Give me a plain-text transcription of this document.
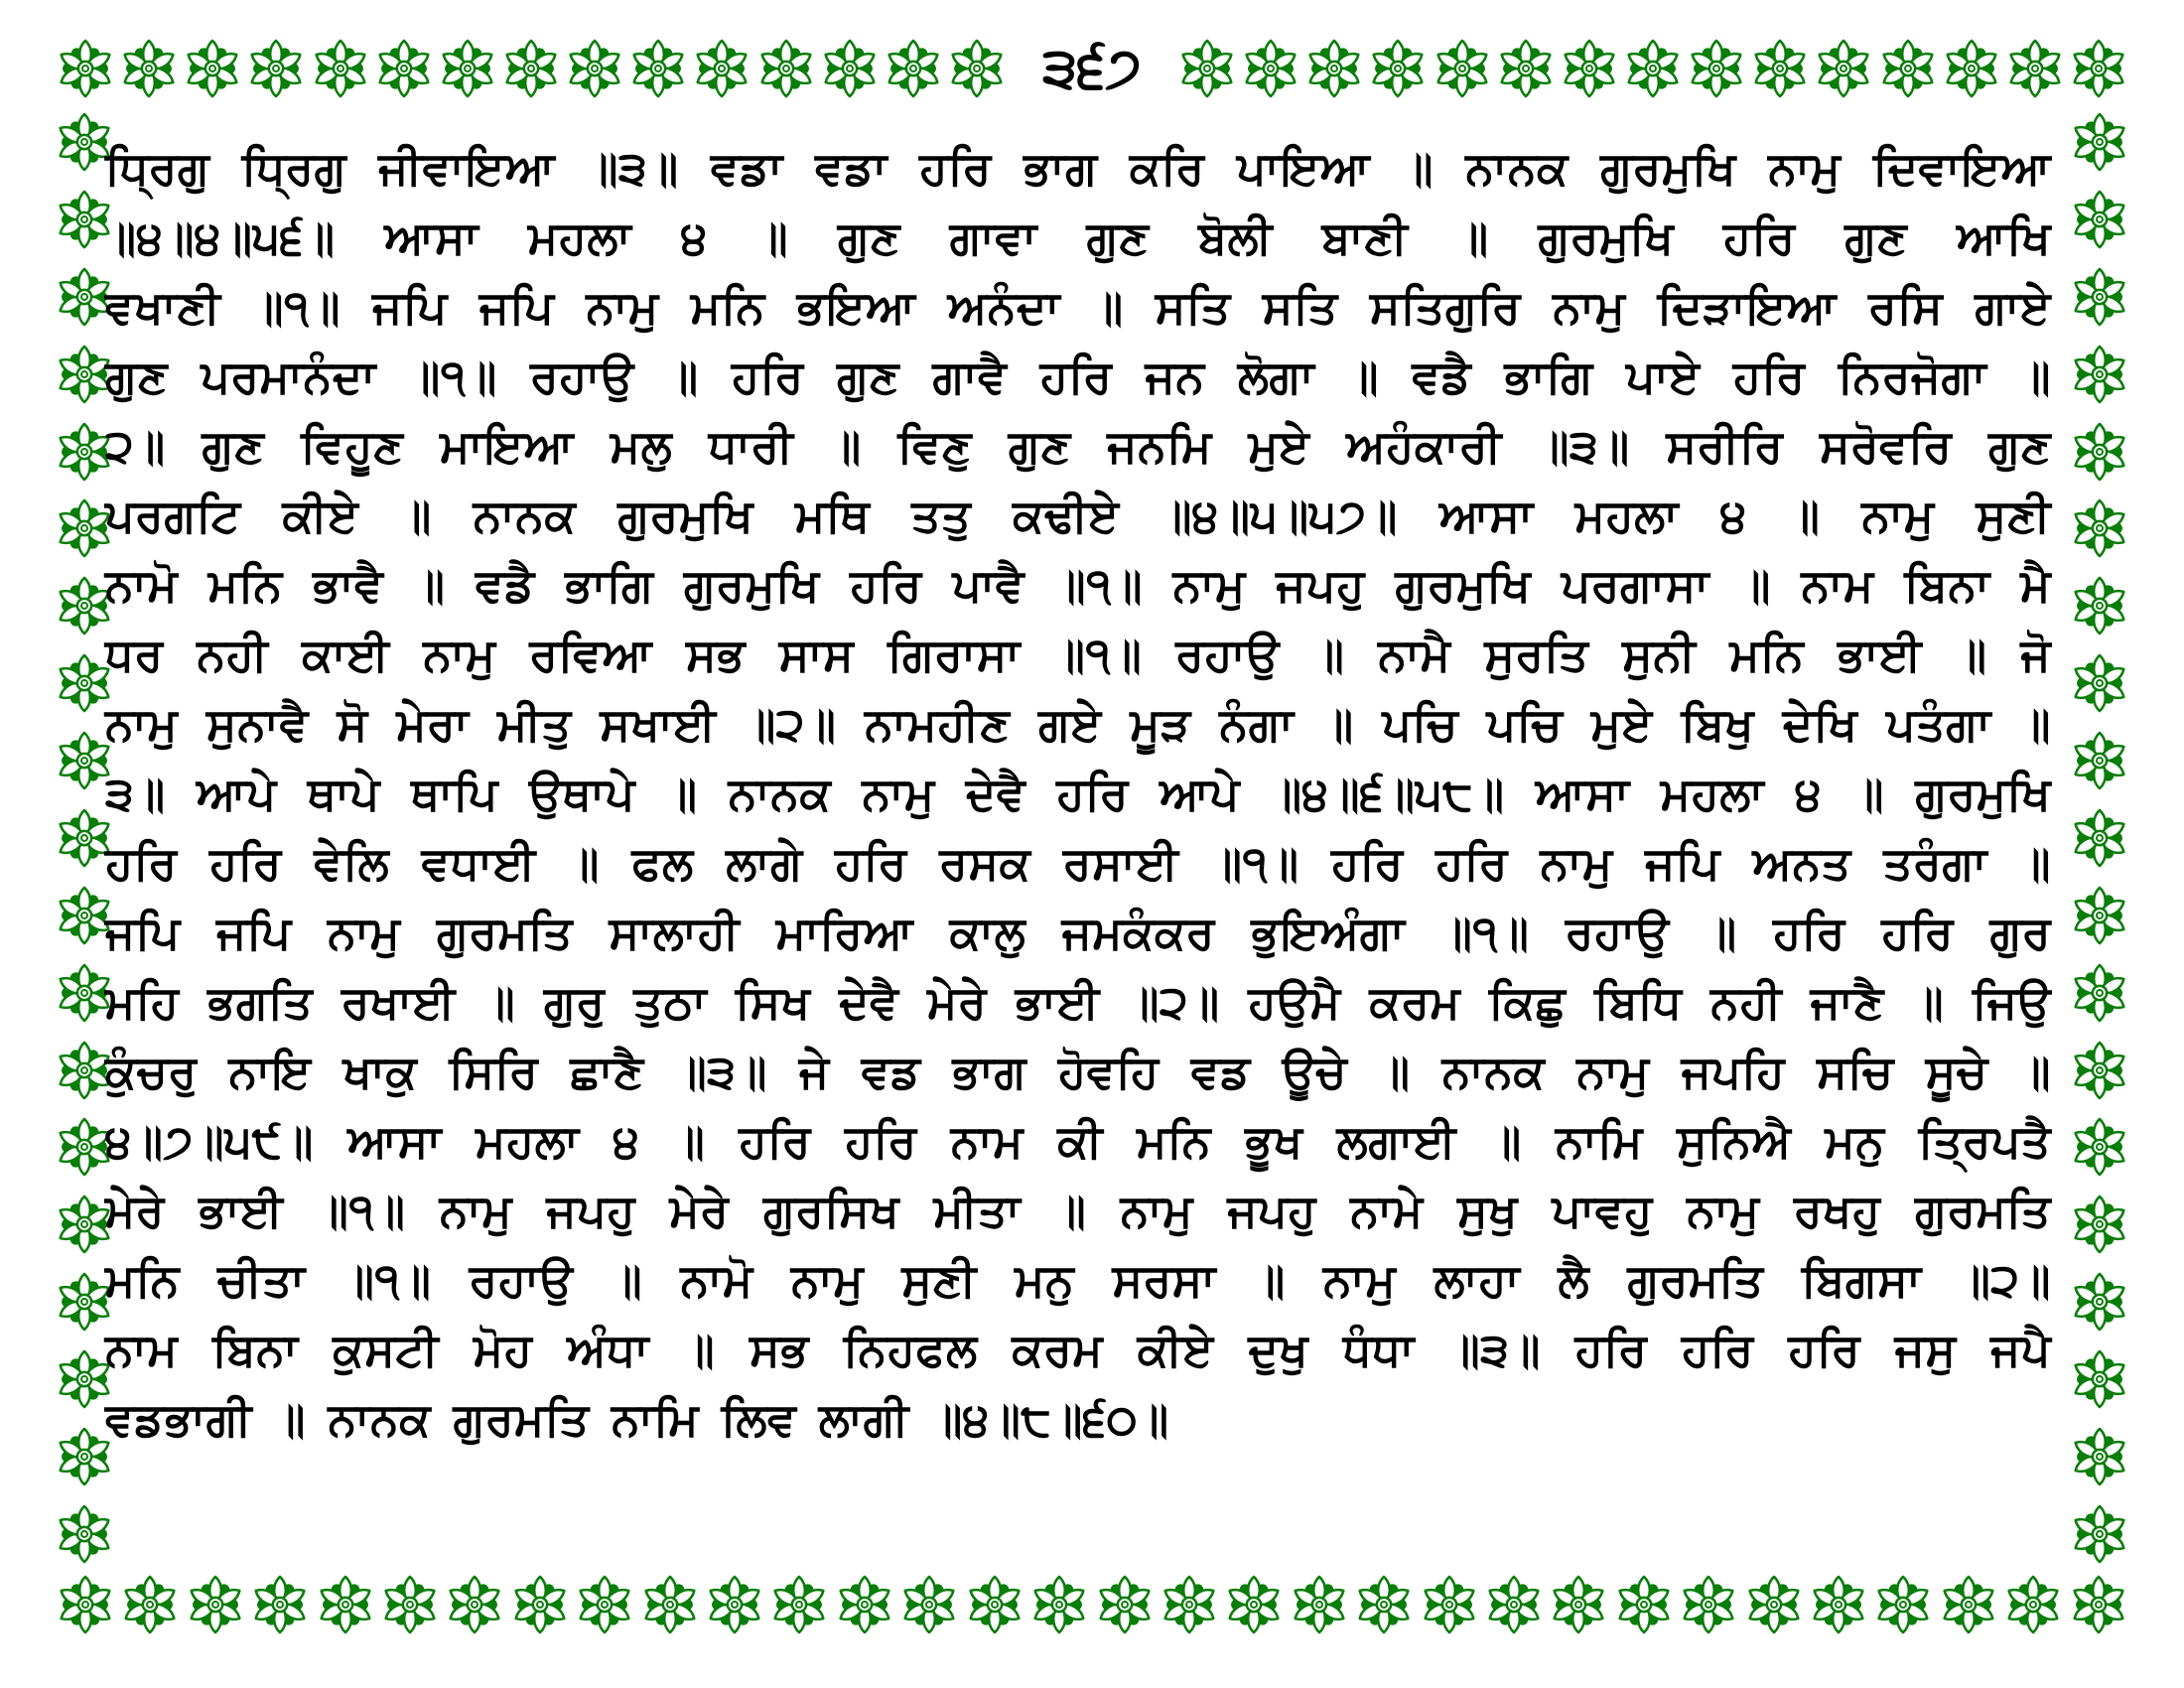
੩੬੭
ਧ੍ਰਿਗੁ ਧ੍ਰਿਗੁ ਜੀਵਾਇਆ ॥੩॥ ਵਡਾ ਵਡਾ ਹਰਿ ਭਾਗ ਕਰਿ ਪਾਇਆ ॥ ਨਾਨਕ ਗੁਰਮੁਖਿ ਨਾਮੁ ਦਿਵਾਇਆ
॥੪॥੪॥੫੬॥ ਆਸਾ ਮਹਲਾ ੪ ॥ ਗੁਣ ਗਾਵਾ ਗੁਣ ਬੋਲੀ ਬਾਣੀ ॥ ਗੁਰਮੁਖਿ ਹਰਿ ਗੁਣ ਆਖਿ
ਵਖਾਣੀ ॥੧॥ ਜਪਿ ਜਪਿ ਨਾਮੁ ਮਨਿ ਭਇਆ ਅਨੰਦਾ ॥ ਸਤਿ ਸਤਿ ਸਤਿਗੁਰਿ ਨਾਮੁ ਦਿੜਾਇਆ ਰਸਿ ਗਾਏ
ਗੁਣ ਪਰਮਾਨੰਦਾ ॥੧॥ ਰਹਾਉ ॥ ਹਰਿ ਗੁਣ ਗਾਵੈ ਹਰਿ ਜਨ ਲੋਗਾ ॥ ਵਡੈ ਭਾਗਿ ਪਾਏ ਹਰਿ ਨਿਰਜੋਗਾ ॥
੨॥ ਗੁਣ ਵਿਹੂਣ ਮਾਇਆ ਮਲੁ ਧਾਰੀ ॥ ਵਿਣੁ ਗੁਣ ਜਨਮਿ ਮੁਏ ਅਹੰਕਾਰੀ ॥੩॥ ਸਰੀਰਿ ਸਰੋਵਰਿ ਗੁਣ
ਪਰਗਟਿ ਕੀਏ ॥ ਨਾਨਕ ਗੁਰਮੁਖਿ ਮਥਿ ਤਤੁ ਕਢੀਏ ॥੪॥੫॥੫੭॥ ਆਸਾ ਮਹਲਾ ੪ ॥ ਨਾਮੁ ਸੁਣੀ
ਨਾਮੋ ਮਨਿ ਭਾਵੈ ॥ ਵਡੈ ਭਾਗਿ ਗੁਰਮੁਖਿ ਹਰਿ ਪਾਵੈ ॥੧॥ ਨਾਮੁ ਜਪਹੁ ਗੁਰਮੁਖਿ ਪਰਗਾਸਾ ॥ ਨਾਮ ਬਿਨਾ ਮੈ
ਧਰ ਨਹੀ ਕਾਈ ਨਾਮੁ ਰਵਿਆ ਸਭ ਸਾਸ ਗਿਰਾਸਾ ॥੧॥ ਰਹਾਉ ॥ ਨਾਮੈ ਸੁਰਤਿ ਸੁਨੀ ਮਨਿ ਭਾਈ ॥ ਜੋ
ਨਾਮੁ ਸੁਨਾਵੈ ਸੋ ਮੇਰਾ ਮੀਤੁ ਸਖਾਈ ॥੨॥ ਨਾਮਹੀਣ ਗਏ ਮੂੜ ਨੰਗਾ ॥ ਪਚਿ ਪਚਿ ਮੁਏ ਬਿਖੁ ਦੇਖਿ ਪਤੰਗਾ ॥
੩॥ ਆਪੇ ਥਾਪੇ ਥਾਪਿ ਉਥਾਪੇ ॥ ਨਾਨਕ ਨਾਮੁ ਦੇਵੈ ਹਰਿ ਆਪੇ ॥੪॥੬॥੫੮॥ ਆਸਾ ਮਹਲਾ ੪ ॥ ਗੁਰਮੁਖਿ
ਹਰਿ ਹਰਿ ਵੇਲਿ ਵਧਾਈ ॥ ਫਲ ਲਾਗੇ ਹਰਿ ਰਸਕ ਰਸਾਈ ॥੧॥ ਹਰਿ ਹਰਿ ਨਾਮੁ ਜਪਿ ਅਨਤ ਤਰੰਗਾ ॥
ਜਪਿ ਜਪਿ ਨਾਮੁ ਗੁਰਮਤਿ ਸਾਲਾਹੀ ਮਾਰਿਆ ਕਾਲੁ ਜਮਕੰਕਰ ਭੁਇਅੰਗਾ ॥੧॥ ਰਹਾਉ ॥ ਹਰਿ ਹਰਿ ਗੁਰ
ਮਹਿ ਭਗਤਿ ਰਖਾਈ ॥ ਗੁਰੁ ਤੁਠਾ ਸਿਖ ਦੇਵੈ ਮੇਰੇ ਭਾਈ ॥੨॥ ਹਉਮੈ ਕਰਮ ਕਿਛੁ ਬਿਧਿ ਨਹੀ ਜਾਣੈ ॥ ਜਿਉ
ਕੁੰਚਰੁ ਨਾਇ ਖਾਕੁ ਸਿਰਿ ਛਾਣੈ ॥੩॥ ਜੇ ਵਡ ਭਾਗ ਹੋਵਹਿ ਵਡ ਊਚੇ ॥ ਨਾਨਕ ਨਾਮੁ ਜਪਹਿ ਸਚਿ ਸੂਚੇ ॥
੪॥੭॥੫੯॥ ਆਸਾ ਮਹਲਾ ੪ ॥ ਹਰਿ ਹਰਿ ਨਾਮ ਕੀ ਮਨਿ ਭੂਖ ਲਗਾਈ ॥ ਨਾਮਿ ਸੁਨਿਐ ਮਨੁ ਤ੍ਰਿਪਤੈ
ਮੇਰੇ ਭਾਈ ॥੧॥ ਨਾਮੁ ਜਪਹੁ ਮੇਰੇ ਗੁਰਸਿਖ ਮੀਤਾ ॥ ਨਾਮੁ ਜਪਹੁ ਨਾਮੇ ਸੁਖੁ ਪਾਵਹੁ ਨਾਮੁ ਰਖਹੁ ਗੁਰਮਤਿ
ਮਨਿ ਚੀਤਾ ॥੧॥ ਰਹਾਉ ॥ ਨਾਮੋ ਨਾਮੁ ਸੁਣੀ ਮਨੁ ਸਰਸਾ ॥ ਨਾਮੁ ਲਾਹਾ ਲੈ ਗੁਰਮਤਿ ਬਿਗਸਾ ॥੨॥
ਨਾਮ ਬਿਨਾ ਕੁਸਟੀ ਮੋਹ ਅੰਧਾ ॥ ਸਭ ਨਿਹਫਲ ਕਰਮ ਕੀਏ ਦੁਖੁ ਧੰਧਾ ॥੩॥ ਹਰਿ ਹਰਿ ਹਰਿ ਜਸੁ ਜਪੈ
ਵਡਭਾਗੀ ॥ ਨਾਨਕ ਗੁਰਮਤਿ ਨਾਮਿ ਲਿਵ ਲਾਗੀ ॥੪॥੮॥੬੦॥
